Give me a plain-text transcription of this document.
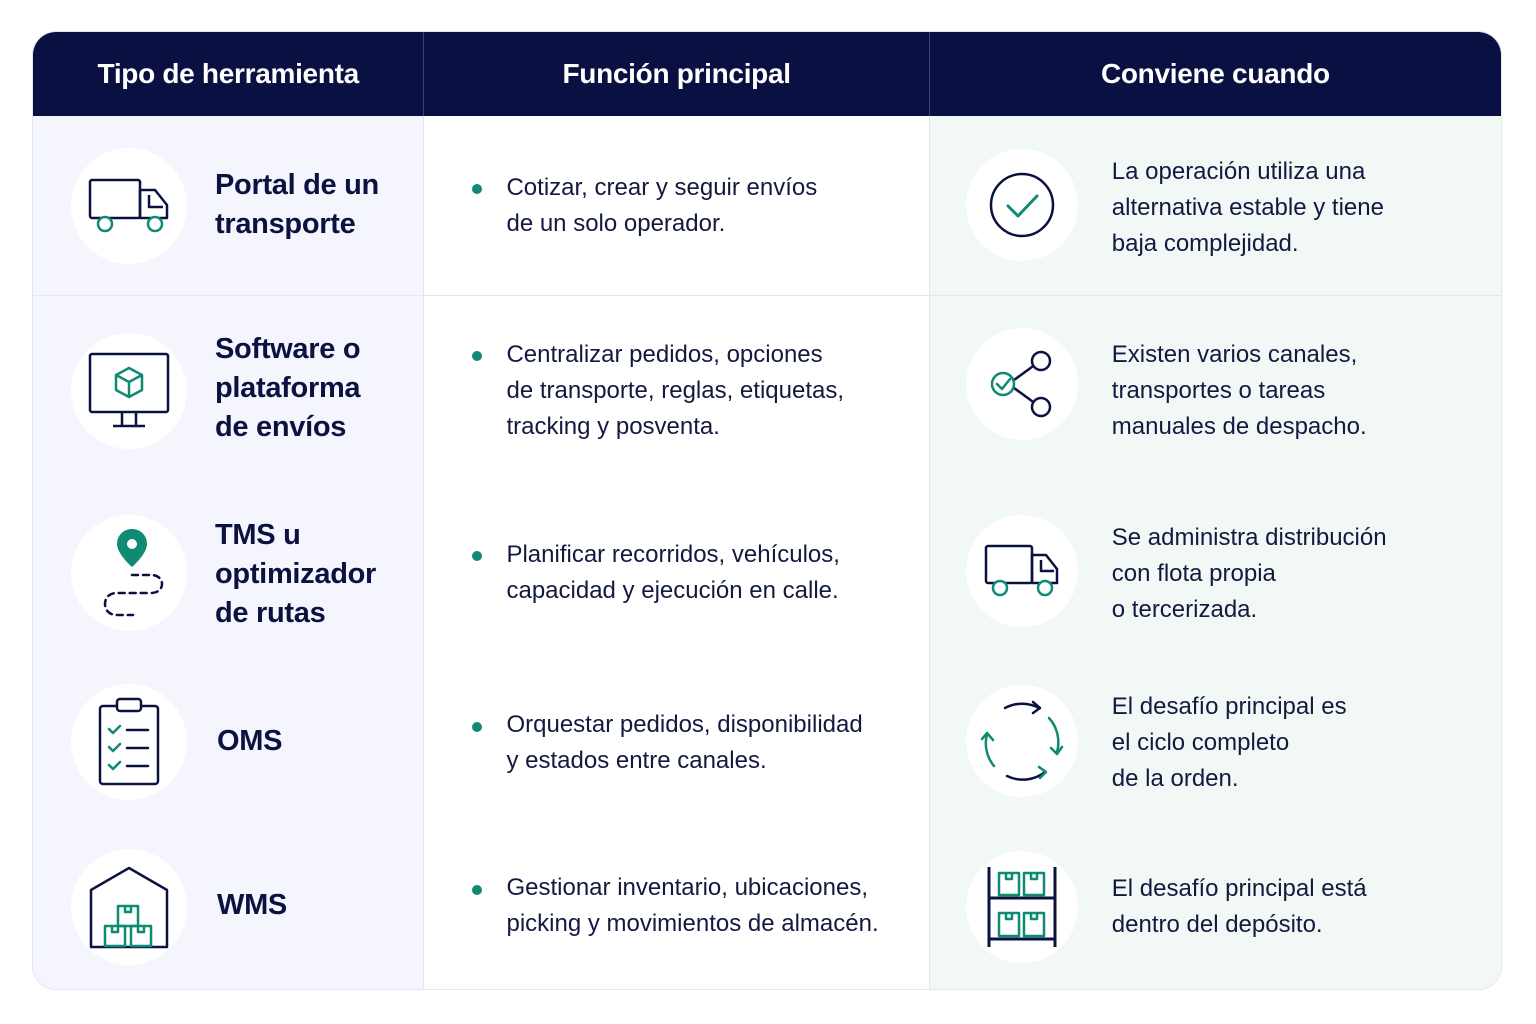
Tipo de herramienta	Función principal	Conviene cuando
Portal de un
transporte
Cotizar, crear y seguir envíos
de un solo operador.
La operación utiliza una
alternativa estable y tiene
baja complejidad.
Software o
plataforma
de envíos
Centralizar pedidos, opciones
de transporte, reglas, etiquetas,
tracking y posventa.
Existen varios canales,
transportes o tareas
manuales de despacho.
TMS u
optimizador
de rutas
Planificar recorridos, vehículos,
capacidad y ejecución en calle.
Se administra distribución
con flota propia
o tercerizada.
OMS
Orquestar pedidos, disponibilidad
y estados entre canales.
El desafío principal es
el ciclo completo
de la orden.
WMS
Gestionar inventario, ubicaciones,
picking y movimientos de almacén.
El desafío principal está
dentro del depósito.
